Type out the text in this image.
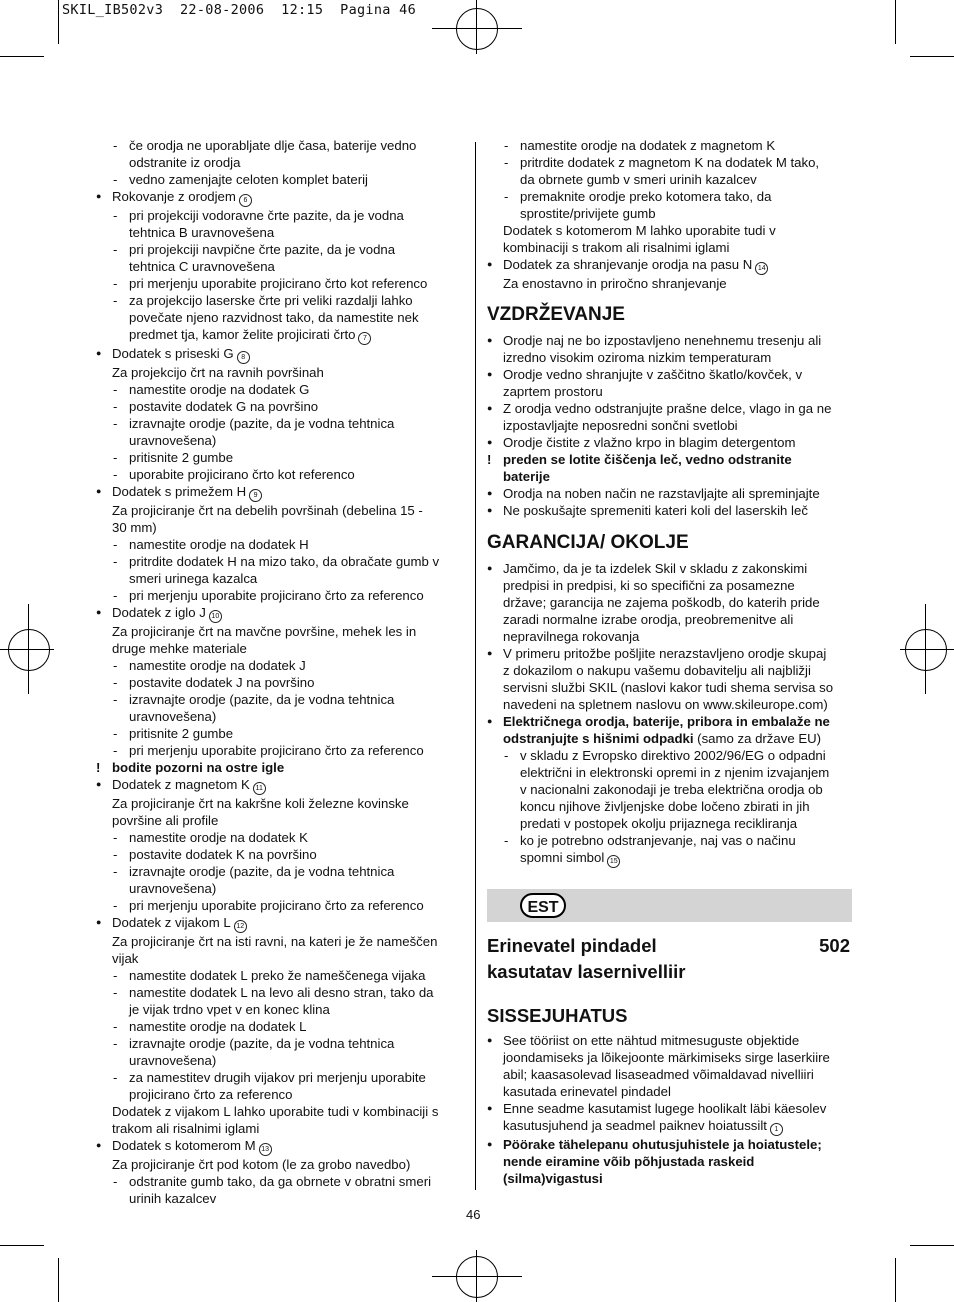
SKIL_IB502v3 22-08-2006 12:15 Pagina 46
- če orodja ne uporabljate dlje časa, baterije vedno
odstranite iz orodja
- vedno zamenjajte celoten komplet baterij
● Rokovanje z orodjem 6
- pri projekciji vodoravne črte pazite, da je vodna
tehtnica B uravnovešena
- pri projekciji navpične črte pazite, da je vodna
tehtnica C uravnovešena
- pri merjenju uporabite projicirano črto kot referenco
- za projekcijo laserske črte pri veliki razdalji lahko
povečate njeno razvidnost tako, da namestite nek
predmet tja, kamor želite projicirati črto 7
● Dodatek s priseski G 8
Za projekcijo črt na ravnih površinah
- namestite orodje na dodatek G
- postavite dodatek G na površino
- izravnajte orodje (pazite, da je vodna tehtnica
uravnovešena)
- pritisnite 2 gumbe
- uporabite projicirano črto kot referenco
● Dodatek s primežem H 9
Za projiciranje črt na debelih površinah (debelina 15 -
30 mm)
- namestite orodje na dodatek H
- pritrdite dodatek H na mizo tako, da obračate gumb v
smeri urinega kazalca
- pri merjenju uporabite projicirano črto za referenco
● Dodatek z iglo J 10
Za projiciranje črt na mavčne površine, mehek les in
druge mehke materiale
- namestite orodje na dodatek J
- postavite dodatek J na površino
- izravnajte orodje (pazite, da je vodna tehtnica
uravnovešena)
- pritisnite 2 gumbe
- pri merjenju uporabite projicirano črto za referenco
! bodite pozorni na ostre igle
● Dodatek z magnetom K 11
Za projiciranje črt na kakršne koli železne kovinske
površine ali profile
- namestite orodje na dodatek K
- postavite dodatek K na površino
- izravnajte orodje (pazite, da je vodna tehtnica
uravnovešena)
- pri merjenju uporabite projicirano črto za referenco
● Dodatek z vijakom L 12
Za projiciranje črt na isti ravni, na kateri je že nameščen
vijak
- namestite dodatek L preko že nameščenega vijaka
- namestite dodatek L na levo ali desno stran, tako da
je vijak trdno vpet v en konec klina
- namestite orodje na dodatek L
- izravnajte orodje (pazite, da je vodna tehtnica
uravnovešena)
- za namestitev drugih vijakov pri merjenju uporabite
projicirano črto za referenco
Dodatek z vijakom L lahko uporabite tudi v kombinaciji s
trakom ali risalnimi iglami
● Dodatek s kotomerom M 13
Za projiciranje črt pod kotom (le za grobo navedbo)
- odstranite gumb tako, da ga obrnete v obratni smeri
urinih kazalcev
- namestite orodje na dodatek z magnetom K
- pritrdite dodatek z magnetom K na dodatek M tako,
da obrnete gumb v smeri urinih kazalcev
- premaknite orodje preko kotomera tako, da
sprostite/privijete gumb
Dodatek s kotomerom M lahko uporabite tudi v
kombinaciji s trakom ali risalnimi iglami
● Dodatek za shranjevanje orodja na pasu N 14
Za enostavno in priročno shranjevanje
VZDRŽEVANJE
● Orodje naj ne bo izpostavljeno nenehnemu tresenju ali
izredno visokim oziroma nizkim temperaturam
● Orodje vedno shranjujte v zaščitno škatlo/kovček, v
zaprtem prostoru
● Z orodja vedno odstranjujte prašne delce, vlago in ga ne
izpostavljajte neposredni sončni svetlobi
● Orodje čistite z vlažno krpo in blagim detergentom
! preden se lotite čiščenja leč, vedno odstranite
baterije
● Orodja na noben način ne razstavljajte ali spreminjajte
● Ne poskušajte spremeniti kateri koli del laserskih leč
GARANCIJA/ OKOLJE
● Jamčimo, da je ta izdelek Skil v skladu z zakonskimi
predpisi in predpisi, ki so specifični za posamezne
države; garancija ne zajema poškodb, do katerih pride
zaradi normalne izrabe orodja, preobremenitve ali
nepravilnega rokovanja
● V primeru pritožbe pošljite nerazstavljeno orodje skupaj
z dokazilom o nakupu vašemu dobavitelju ali najbližji
servisni službi SKIL (naslovi kakor tudi shema servisa so
navedeni na spletnem naslovu on www.skileurope.com)
● Električnega orodja, baterije, pribora in embalaže ne
odstranjujte s hišnimi odpadki (samo za države EU)
- v skladu z Evropsko direktivo 2002/96/EG o odpadni
električni in elektronski opremi in z njenim izvajanjem
v nacionalni zakonodaji je treba električna orodja ob
koncu njihove življenjske dobe ločeno zbirati in jih
predati v postopek okolju prijaznega recikliranja
- ko je potrebno odstranjevanje, naj vas o načinu
spomni simbol 15
EST
Erinevatel pindadel	502
kasutatav lasernivelliir
SISSEJUHATUS
● See tööriist on ette nähtud mitmesuguste objektide
joondamiseks ja lõikejoonte märkimiseks sirge laserkiire
abil; kaasasolevad lisaseadmed võimaldavad nivelliiri
kasutada erinevatel pindadel
● Enne seadme kasutamist lugege hoolikalt läbi käesolev
kasutusjuhend ja seadmel paiknev hoiatussilt 1
● Pöörake tähelepanu ohutusjuhistele ja hoiatustele;
nende eiramine võib põhjustada raskeid
(silma)vigastusi
46
